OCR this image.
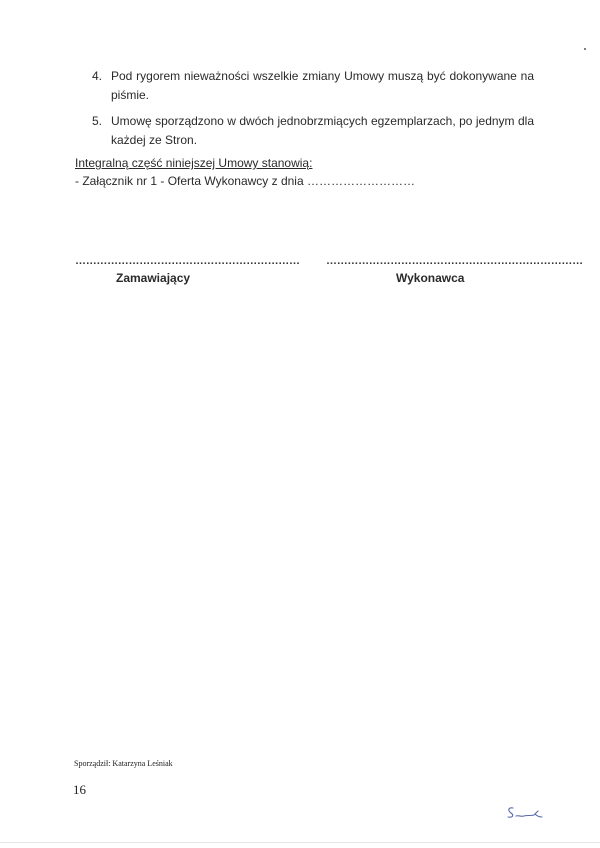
4. Pod rygorem nieważności wszelkie zmiany Umowy muszą być dokonywane na piśmie.
5. Umowę sporządzono w dwóch jednobrzmiących egzemplarzach, po jednym dla każdej ze Stron.
Integralną część niniejszej Umowy stanowią:
- Załącznik nr 1 - Oferta Wykonawcy z dnia ………………………
……………………………………………………… ………………………………………………………………
Zamawiający	Wykonawca
Sporządził: Katarzyna Leśniak
16
